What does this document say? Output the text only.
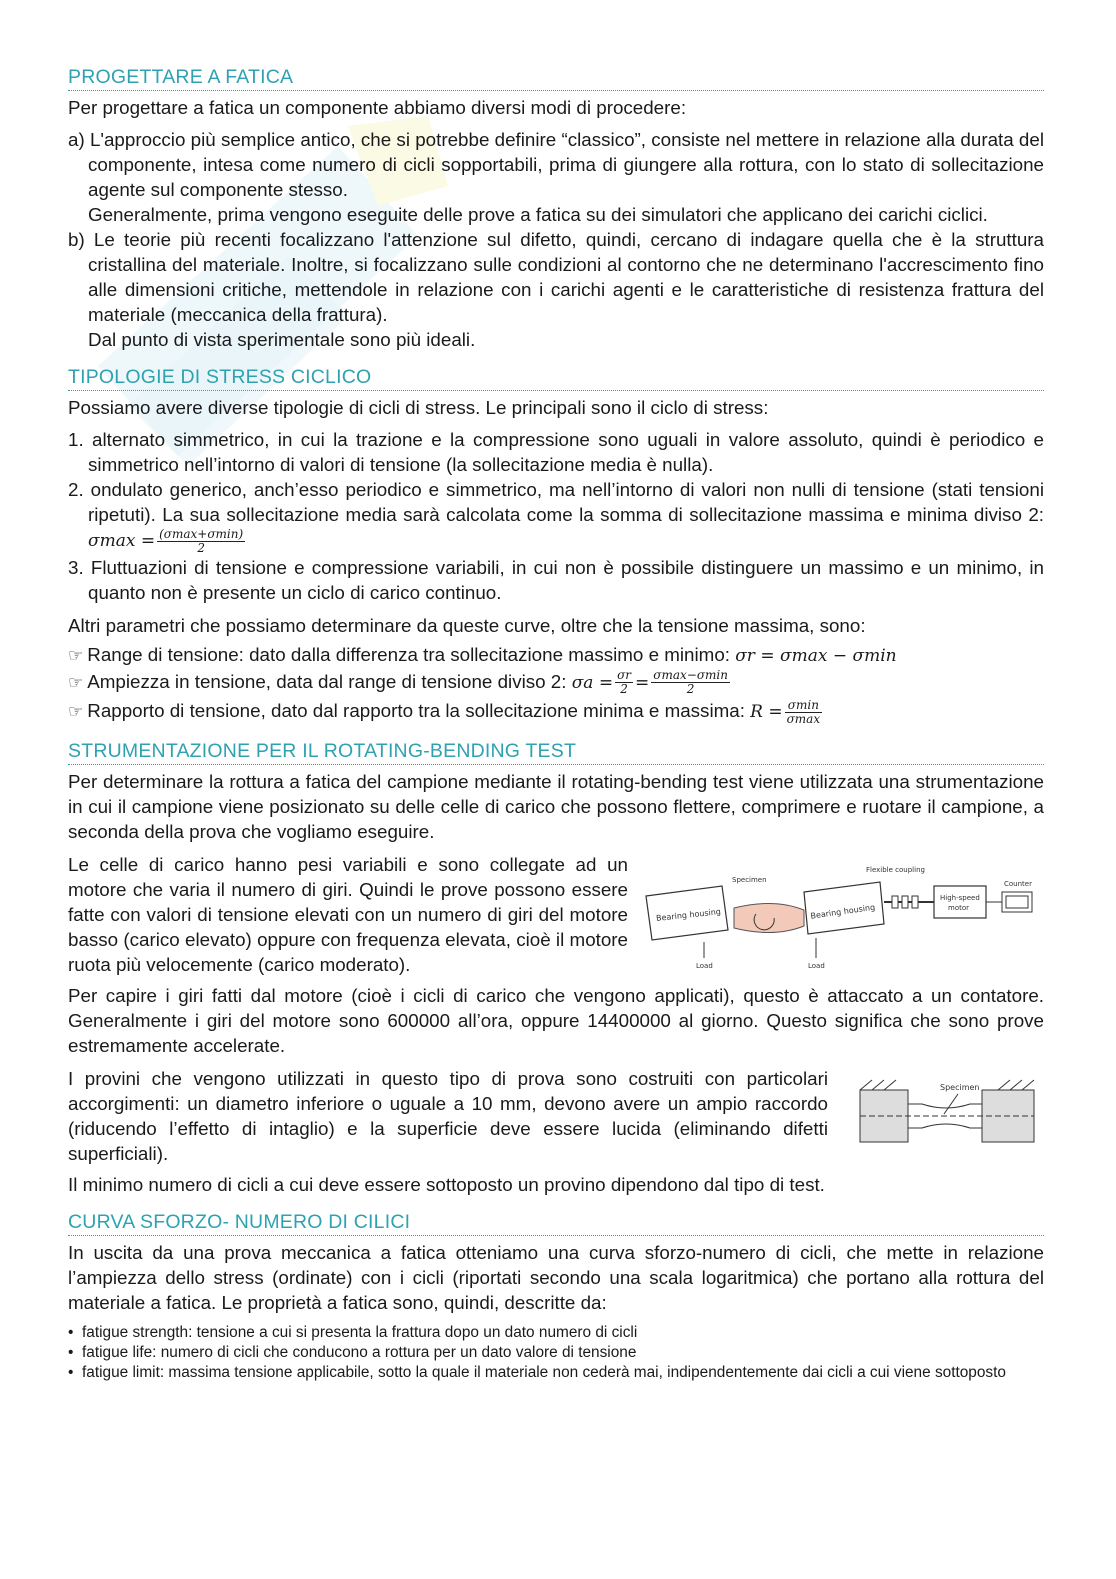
PROGETTARE A FATICA

Per progettare a fatica un componente abbiamo diversi modi di procedere:

a) L'approccio più semplice antico, che si potrebbe definire “classico”, consiste nel mettere in relazione alla durata del componente, intesa come numero di cicli sopportabili, prima di giungere alla rottura, con lo stato di sollecitazione agente sul componente stesso.
Generalmente, prima vengono eseguite delle prove a fatica su dei simulatori che applicano dei carichi ciclici.
b) Le teorie più recenti focalizzano l'attenzione sul difetto, quindi, cercano di indagare quella che è la struttura cristallina del materiale. Inoltre, si focalizzano sulle condizioni al contorno che ne determinano l'accrescimento fino alle dimensioni critiche, mettendole in relazione con i carichi agenti e le caratteristiche di resistenza frattura del materiale (meccanica della frattura).
Dal punto di vista sperimentale sono più ideali.
TIPOLOGIE DI STRESS CICLICO

Possiamo avere diverse tipologie di cicli di stress. Le principali sono il ciclo di stress:

1. alternato simmetrico, in cui la trazione e la compressione sono uguali in valore assoluto, quindi è periodico e simmetrico nell’intorno di valori di tensione (la sollecitazione media è nulla).
2. ondulato generico, anch’esso periodico e simmetrico, ma nell’intorno di valori non nulli di tensione (stati tensioni ripetuti). La sua sollecitazione media sarà calcolata come la somma di sollecitazione massima e minima diviso 2: $\sigma\max = \frac{(\sigma\max+\sigma\min)}{2}$
3. Fluttuazioni di tensione e compressione variabili, in cui non è possibile distinguere un massimo e un minimo, in quanto non è presente un ciclo di carico continuo.

Altri parametri che possiamo determinare da queste curve, oltre che la tensione massima, sono:

☞ Range di tensione: dato dalla differenza tra sollecitazione massimo e minimo: σr = σmax − σmin
☞ Ampiezza in tensione, data dal range di tensione diviso 2: $\sigma a = \frac{\sigma r}{2} = \frac{\sigma\max-\sigma\min}{2}$
☞ Rapporto di tensione, dato dal rapporto tra la sollecitazione minima e massima: $R = \frac{\sigma\min}{\sigma\max}$
STRUMENTAZIONE PER IL ROTATING-BENDING TEST

Per determinare la rottura a fatica del campione mediante il rotating-bending test viene utilizzata una strumentazione in cui il campione viene posizionato su delle celle di carico che possono flettere, comprimere e ruotare il campione, a seconda della prova che vogliamo eseguire.

Le celle di carico hanno pesi variabili e sono collegate ad un motore che varia il numero di giri. Quindi le prove possono essere fatte con valori di tensione elevati con un numero di giri del motore basso (carico elevato) oppure con frequenza elevata, cioè il motore ruota più velocemente (carico moderato).

Bearing housing	Bearing housing
Specimen
Load	Load
Flexible coupling
High-speed
motor
Counter

Per capire i giri fatti dal motore (cioè i cicli di carico che vengono applicati), questo è attaccato a un contatore. Generalmente i giri del motore sono 600000 all’ora, oppure 14400000 al giorno. Questo significa che sono prove estremamente accelerate.

I provini che vengono utilizzati in questo tipo di prova sono costruiti con particolari accorgimenti: un diametro inferiore o uguale a 10 mm, devono avere un ampio raccordo (riducendo l’effetto di intaglio) e la superficie deve essere lucida (eliminando difetti superficiali).

Specimen

Il minimo numero di cicli a cui deve essere sottoposto un provino dipendono dal tipo di test.

CURVA SFORZO- NUMERO DI CILICI

In uscita da una prova meccanica a fatica otteniamo una curva sforzo-numero di cicli, che mette in relazione l’ampiezza dello stress (ordinate) con i cicli (riportati secondo una scala logaritmica) che portano alla rottura del materiale a fatica. Le proprietà a fatica sono, quindi, descritte da:

• fatigue strength: tensione a cui si presenta la frattura dopo un dato numero di cicli
• fatigue life: numero di cicli che conducono a rottura per un dato valore di tensione
• fatigue limit: massima tensione applicabile, sotto la quale il materiale non cederà mai, indipendentemente dai cicli a cui viene sottoposto
